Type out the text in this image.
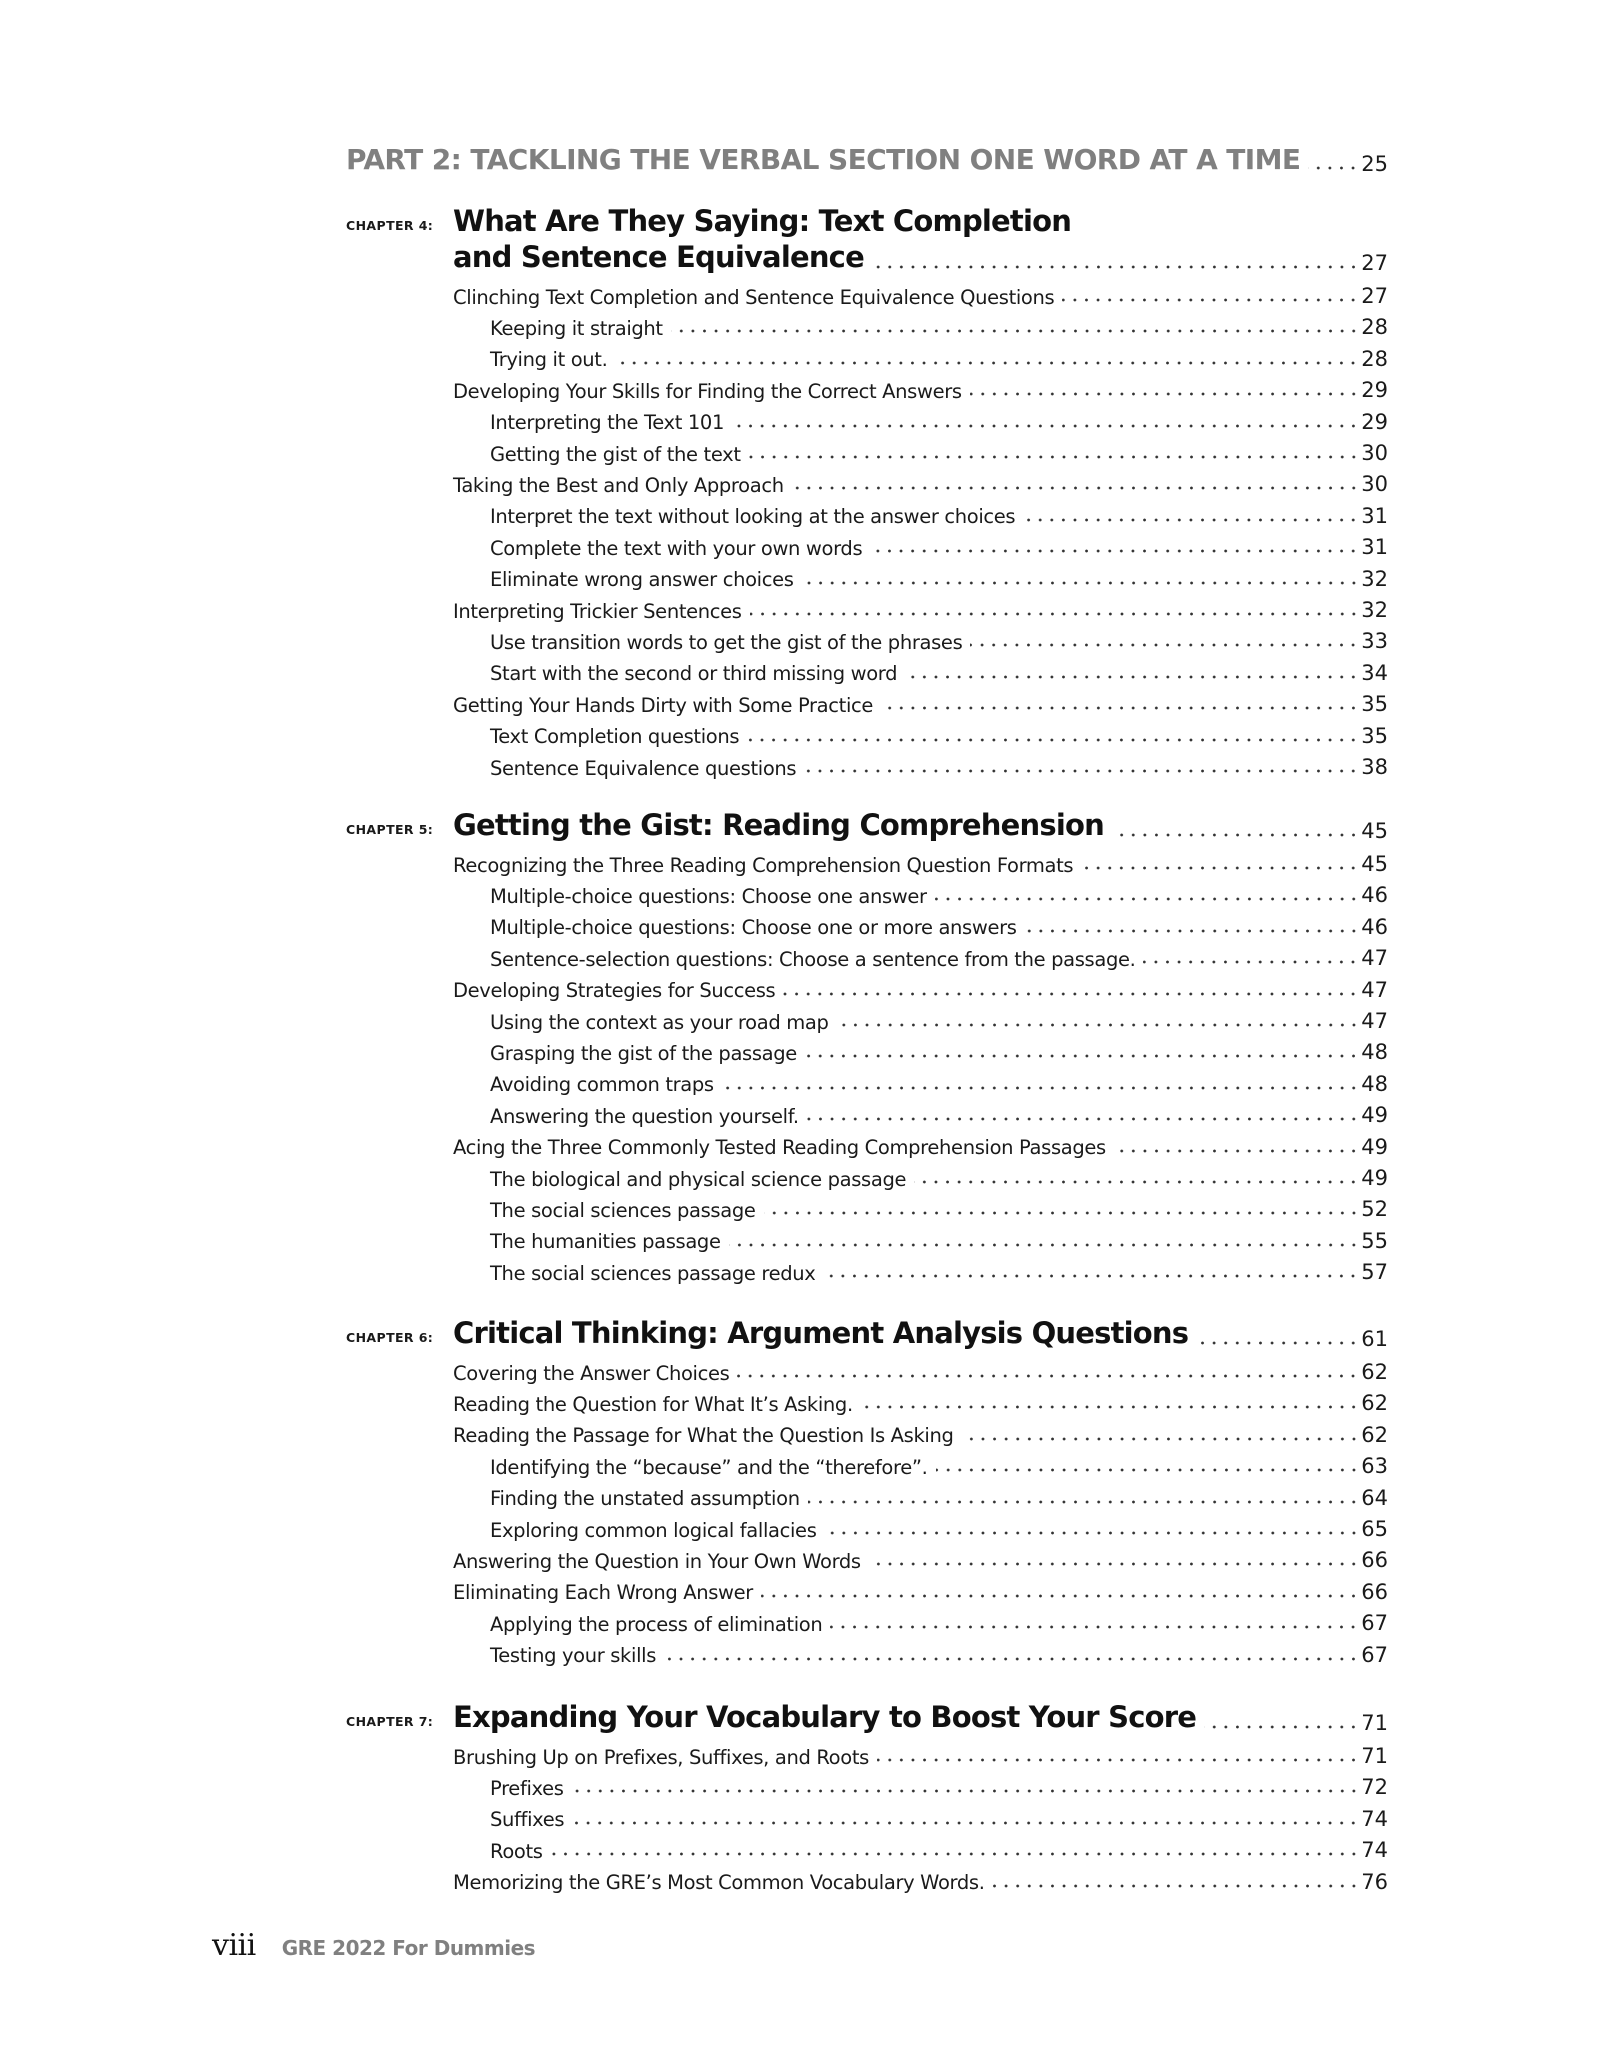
PART 2: TACKLING THE VERBAL SECTION ONE WORD AT A TIME	25
CHAPTER 4: What Are They Saying: Text Completion
and Sentence Equivalence	27
Clinching Text Completion and Sentence Equivalence Questions	27
Keeping it straight	28
Trying it out.	28
Developing Your Skills for Finding the Correct Answers	29
Interpreting the Text 101	29
Getting the gist of the text	30
Taking the Best and Only Approach	30
Interpret the text without looking at the answer choices	31
Complete the text with your own words	31
Eliminate wrong answer choices	32
Interpreting Trickier Sentences	32
Use transition words to get the gist of the phrases	33
Start with the second or third missing word	34
Getting Your Hands Dirty with Some Practice	35
Text Completion questions	35
Sentence Equivalence questions	38
CHAPTER 5: Getting the Gist: Reading Comprehension	45
Recognizing the Three Reading Comprehension Question Formats	45
Multiple-choice questions: Choose one answer	46
Multiple-choice questions: Choose one or more answers	46
Sentence-selection questions: Choose a sentence from the passage.	47
Developing Strategies for Success	47
Using the context as your road map	47
Grasping the gist of the passage	48
Avoiding common traps	48
Answering the question yourself.	49
Acing the Three Commonly Tested Reading Comprehension Passages	49
The biological and physical science passage	49
The social sciences passage	52
The humanities passage	55
The social sciences passage redux	57
CHAPTER 6: Critical Thinking: Argument Analysis Questions	61
Covering the Answer Choices	62
Reading the Question for What It’s Asking.	62
Reading the Passage for What the Question Is Asking	62
Identifying the “because” and the “therefore”.	63
Finding the unstated assumption	64
Exploring common logical fallacies	65
Answering the Question in Your Own Words	66
Eliminating Each Wrong Answer	66
Applying the process of elimination	67
Testing your skills	67
CHAPTER 7: Expanding Your Vocabulary to Boost Your Score	71
Brushing Up on Prefixes, Suffixes, and Roots	71
Prefixes	72
Suffixes	74
Roots	74
Memorizing the GRE’s Most Common Vocabulary Words.	76
viii GRE 2022 For Dummies
